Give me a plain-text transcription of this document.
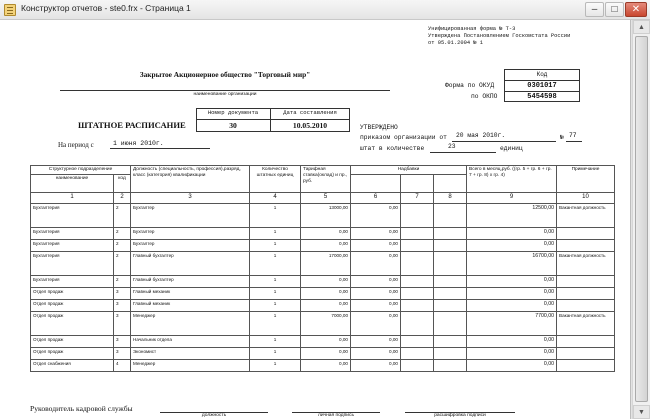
Конструктор отчетов - ste0.frx - Страница 1	–	□	✕
Унифицированная форма № Т-3
Утверждена Постановлением Госкомстата России
от 05.01.2004 № 1
Код
Форма по ОКУД	0301017
по ОКПО	5454598
Закрытое Акционерное общество "Торговый мир"
наименование организации
Номер документа	Дата составления
30	10.05.2010
ШТАТНОЕ РАСПИСАНИЕ
На период с	1 июня 2010г.
УТВЕРЖДЕНО
приказом организации от 20 мая 2010г.	№ 77
штат в количестве	23	единиц
Структурное подразделение		Должность (специальность, профессия),разряд, класс (категория) квалификации	Количество штатных единиц	Тарифная ставка(оклад) и пр., руб.	Надбавки			Всего в месяц,руб. ((гр. 5 + гр. 6 + гр. 7 + гр. 8) x гр. 4)	Примечание
наименование	код								
1	2	3	4	5	6	7	8	9	10
Бухгалтерия	2	Бухгалтер	1	13000,00	0,00			12500,00	Вакантная должность
Бухгалтерия	2	Бухгалтер	1	0,00	0,00			0,00	
Бухгалтерия	2	Бухгалтер	1	0,00	0,00			0,00	
Бухгалтерия	2	Главный бухгалтер	1	17000,00	0,00			16700,00	Вакантная должность
Бухгалтерия	2	Главный бухгалтер	1	0,00	0,00			0,00	
Отдел продаж	3	Главный механик	1	0,00	0,00			0,00	
Отдел продаж	3	Главный механик	1	0,00	0,00			0,00	
Отдел продаж	3	Менеджер	1	7000,00	0,00			7700,00	Вакантная должность
Отдел продаж	3	Начальник отдела	1	0,00	0,00			0,00	
Отдел продаж	3	Экономист	1	0,00	0,00			0,00	
Отдел снабжения	4	Менеджер	1	0,00	0,00			0,00	
Руководитель кадровой службы
должность	личная подпись	расшифровка подписи
▲
▼
